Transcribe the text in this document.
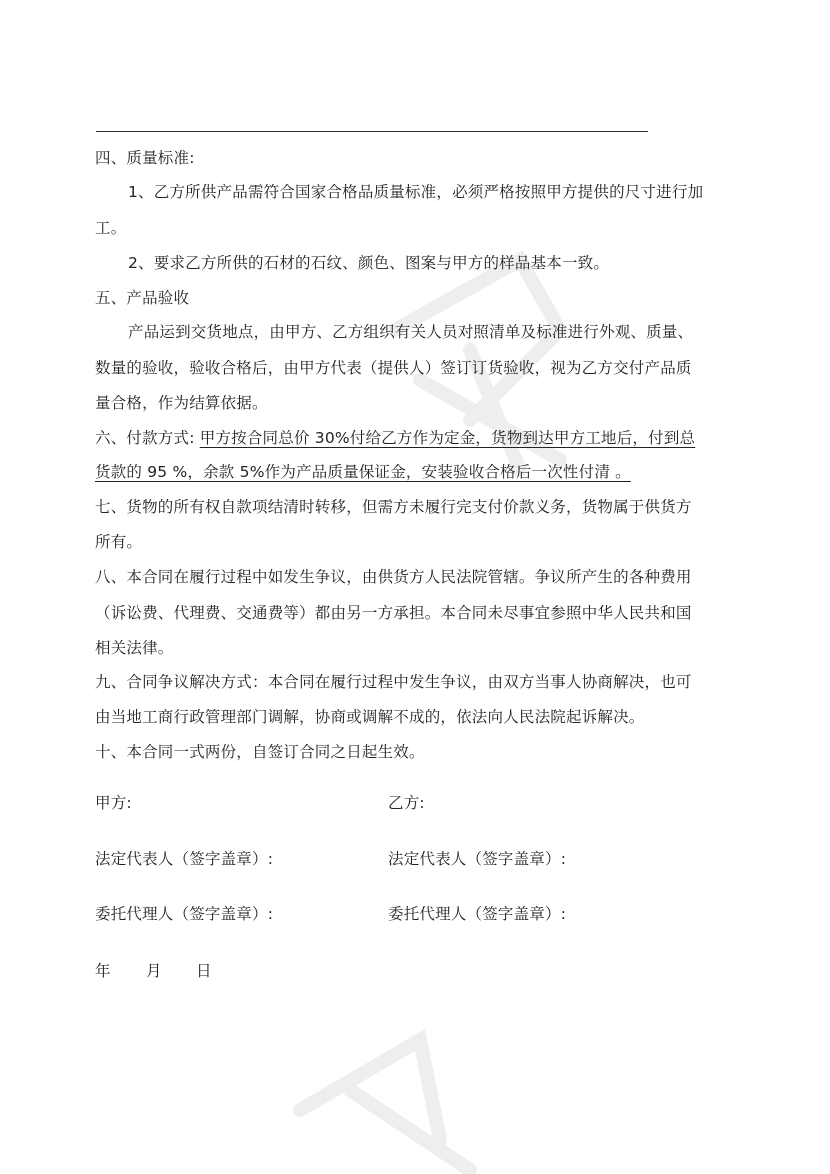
四、质量标准:
1、乙方所供产品需符合国家合格品质量标准，必须严格按照甲方提供的尺寸进行加
工。
2、要求乙方所供的石材的石纹、颜色、图案与甲方的样品基本一致。
五、产品验收
产品运到交货地点，由甲方、乙方组织有关人员对照清单及标准进行外观、质量、
数量的验收，验收合格后，由甲方代表（提供人）签订订货验收，视为乙方交付产品质
量合格，作为结算依据。
六、付款方式: 甲方按合同总价 30%付给乙方作为定金，货物到达甲方工地后，付到总
货款的 95 %，余款 5%作为产品质量保证金，安装验收合格后一次性付清 。
七、货物的所有权自款项结清时转移，但需方未履行完支付价款义务，货物属于供货方
所有。
八、本合同在履行过程中如发生争议，由供货方人民法院管辖。争议所产生的各种费用
（诉讼费、代理费、交通费等）都由另一方承担。本合同未尽事宜参照中华人民共和国
相关法律。
九、合同争议解决方式：本合同在履行过程中发生争议，由双方当事人协商解决，也可
由当地工商行政管理部门调解，协商或调解不成的，依法向人民法院起诉解决。
十、本合同一式两份，自签订合同之日起生效。
甲方:	乙方:
法定代表人（签字盖章）:	法定代表人（签字盖章）:
委托代理人（签字盖章）:	委托代理人（签字盖章）:
年 月 日
